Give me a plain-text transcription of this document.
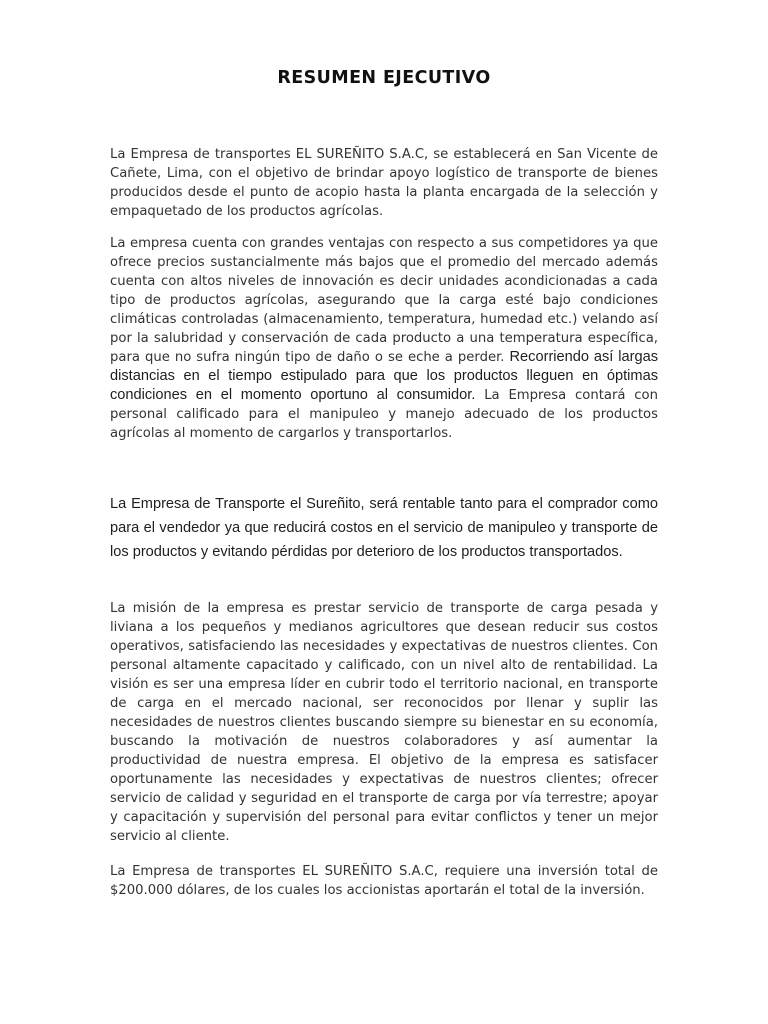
RESUMEN EJECUTIVO

La Empresa de transportes EL SUREÑITO S.A.C, se establecerá en San Vicente de Cañete, Lima, con el objetivo de brindar apoyo logístico de transporte de bienes producidos desde el punto de acopio hasta la planta encargada de la selección y empaquetado de los productos agrícolas.

La empresa cuenta con grandes ventajas con respecto a sus competidores ya que ofrece precios sustancialmente más bajos que el promedio del mercado además cuenta con altos niveles de innovación es decir unidades acondicionadas a cada tipo de productos agrícolas, asegurando que la carga esté bajo condiciones climáticas controladas (almacenamiento, temperatura, humedad etc.) velando así por la salubridad y conservación de cada producto a una temperatura específica, para que no sufra ningún tipo de daño o se eche a perder. Recorriendo así largas distancias en el tiempo estipulado para que los productos lleguen en óptimas condiciones en el momento oportuno al consumidor. La Empresa contará con personal calificado para el manipuleo y manejo adecuado de los productos agrícolas al momento de cargarlos y transportarlos.

La Empresa de Transporte el Sureñito, será rentable tanto para el comprador como para el vendedor ya que reducirá costos en el servicio de manipuleo y transporte de los productos y evitando pérdidas por deterioro de los productos transportados.

La misión de la empresa es prestar servicio de transporte de carga pesada y liviana a los pequeños y medianos agricultores que desean reducir sus costos operativos, satisfaciendo las necesidades y expectativas de nuestros clientes. Con personal altamente capacitado y calificado, con un nivel alto de rentabilidad. La visión es ser una empresa líder en cubrir todo el territorio nacional, en transporte de carga en el mercado nacional, ser reconocidos por llenar y suplir las necesidades de nuestros clientes buscando siempre su bienestar en su economía, buscando la motivación de nuestros colaboradores y así aumentar la productividad de nuestra empresa. El objetivo de la empresa es satisfacer oportunamente las necesidades y expectativas de nuestros clientes; ofrecer servicio de calidad y seguridad en el transporte de carga por vía terrestre; apoyar y capacitación y supervisión del personal para evitar conflictos y tener un mejor servicio al cliente.

La Empresa de transportes EL SUREÑITO S.A.C, requiere una inversión total de $200.000 dólares, de los cuales los accionistas aportarán el total de la inversión.
